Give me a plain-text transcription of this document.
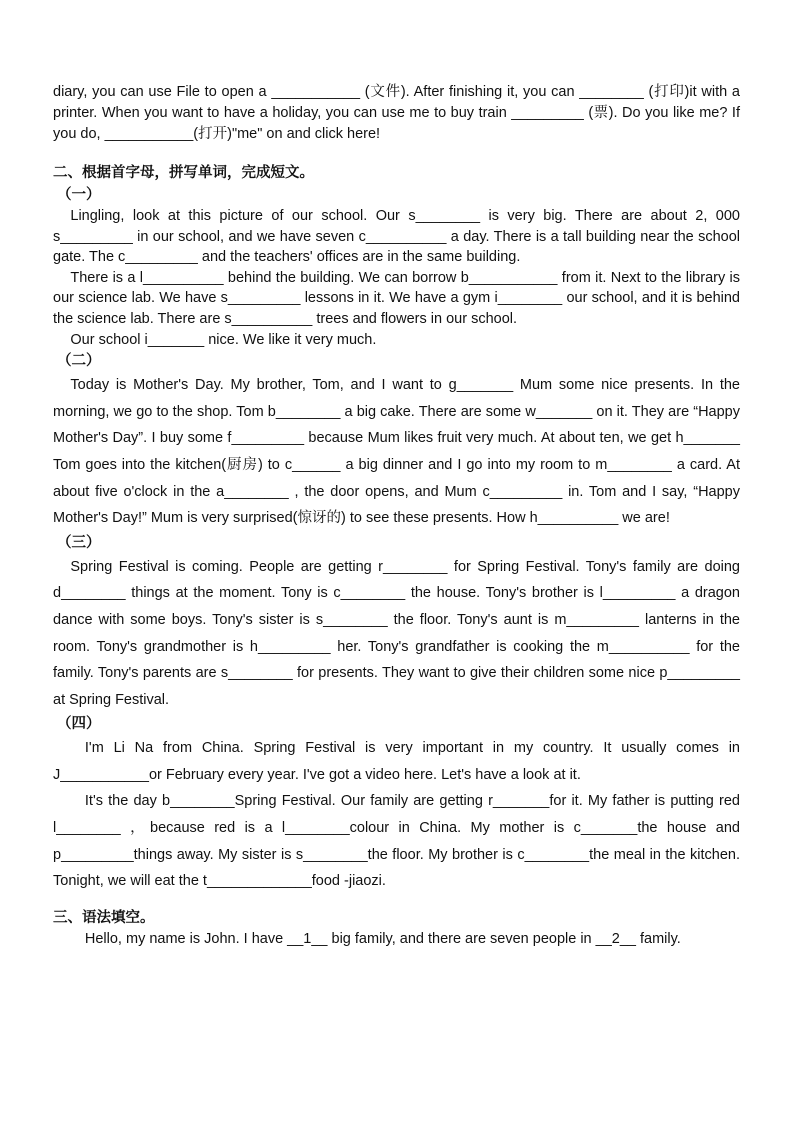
diary, you can use File to open a ___________ (文件). After finishing it, you can ________ (打印)it with a printer. When you want to have a holiday, you can use me to buy train _________ (票). Do you like me? If you do, ___________(打开)"me" on and click here!

二、根据首字母，拼写单词，完成短文。

（一）

Lingling, look at this picture of our school. Our s________ is very big. There are about 2, 000 s_________ in our school, and we have seven c__________ a day. There is a tall building near the school gate. The c_________ and the teachers' offices are in the same building.

There is a l__________ behind the building. We can borrow b___________ from it. Next to the library is our science lab. We have s_________ lessons in it. We have a gym i________ our school, and it is behind the science lab. There are s__________ trees and flowers in our school.

Our school i_______ nice. We like it very much.

（二）

Today is Mother's Day. My brother, Tom, and I want to g_______ Mum some nice presents. In the morning, we go to the shop. Tom b________ a big cake. There are some w_______ on it. They are “Happy Mother's Day”. I buy some f_________ because Mum likes fruit very much. At about ten, we get h_______ Tom goes into the kitchen(厨房) to c______ a big dinner and I go into my room to m________ a card. At about five o'clock in the a________ , the door opens, and Mum c_________ in. Tom and I say, “Happy Mother's Day!” Mum is very surprised(惊讶的) to see these presents. How h__________ we are!

（三）

Spring Festival is coming. People are getting r________ for Spring Festival. Tony's family are doing d________ things at the moment. Tony is c________ the house. Tony's brother is l_________ a dragon dance with some boys. Tony's sister is s________ the floor. Tony's aunt is m_________ lanterns in the room. Tony's grandmother is h_________ her. Tony's grandfather is cooking the m__________ for the family. Tony's parents are s________ for presents. They want to give their children some nice p_________ at Spring Festival.

（四）

I'm Li Na from China. Spring Festival is very important in my country. It usually comes in J___________or February every year. I've got a video here. Let's have a look at it.

It's the day b________Spring Festival. Our family are getting r_______for it. My father is putting red l________ ，because red is a l________colour in China. My mother is c_______the house and p_________things away. My sister is s________the floor. My brother is c________the meal in the kitchen. Tonight, we will eat the t_____________food -jiaozi.

三、语法填空。

Hello, my name is John. I have __1__ big family, and there are seven people in __2__ family.
